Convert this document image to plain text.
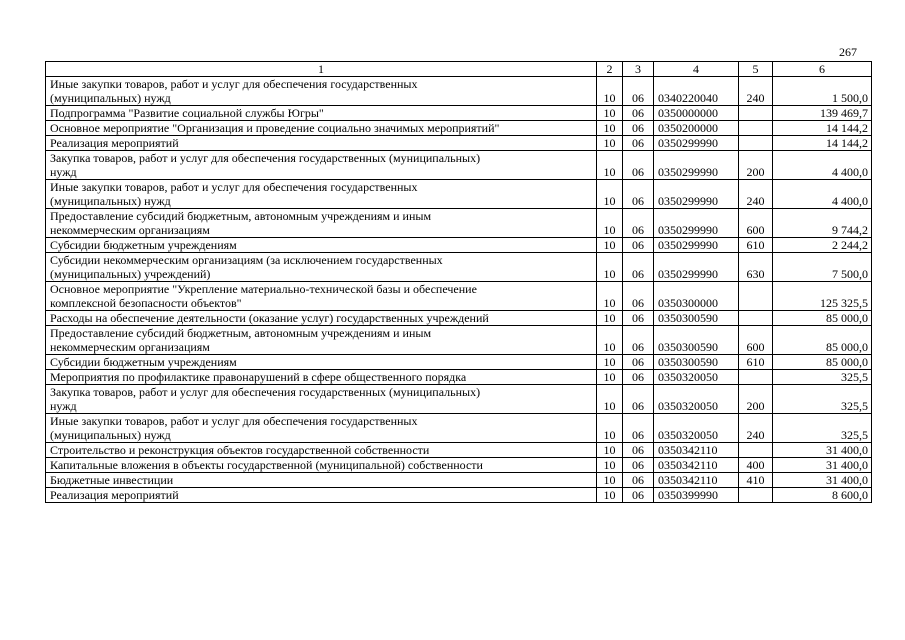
267
1	2	3	4	5	6
Иные закупки товаров, работ и услуг для обеспечения государственных
(муниципальных) нужд	10	06	0340220040	240	1 500,0
Подпрограмма "Развитие социальной службы Югры"	10	06	0350000000		139 469,7
Основное мероприятие "Организация и проведение социально значимых мероприятий"	10	06	0350200000		14 144,2
Реализация мероприятий	10	06	0350299990		14 144,2
Закупка товаров, работ и услуг для обеспечения государственных (муниципальных)
нужд	10	06	0350299990	200	4 400,0
Иные закупки товаров, работ и услуг для обеспечения государственных
(муниципальных) нужд	10	06	0350299990	240	4 400,0
Предоставление субсидий бюджетным, автономным учреждениям и иным
некоммерческим организациям	10	06	0350299990	600	9 744,2
Субсидии бюджетным учреждениям	10	06	0350299990	610	2 244,2
Субсидии некоммерческим организациям (за исключением государственных
(муниципальных) учреждений)	10	06	0350299990	630	7 500,0
Основное мероприятие "Укрепление материально-технической базы и обеспечение
комплексной безопасности объектов"	10	06	0350300000		125 325,5
Расходы на обеспечение деятельности (оказание услуг) государственных учреждений	10	06	0350300590		85 000,0
Предоставление субсидий бюджетным, автономным учреждениям и иным
некоммерческим организациям	10	06	0350300590	600	85 000,0
Субсидии бюджетным учреждениям	10	06	0350300590	610	85 000,0
Мероприятия по профилактике правонарушений в сфере общественного порядка	10	06	0350320050		325,5
Закупка товаров, работ и услуг для обеспечения государственных (муниципальных)
нужд	10	06	0350320050	200	325,5
Иные закупки товаров, работ и услуг для обеспечения государственных
(муниципальных) нужд	10	06	0350320050	240	325,5
Строительство и реконструкция объектов государственной собственности	10	06	0350342110		31 400,0
Капитальные вложения в объекты государственной (муниципальной) собственности	10	06	0350342110	400	31 400,0
Бюджетные инвестиции	10	06	0350342110	410	31 400,0
Реализация мероприятий	10	06	0350399990		8 600,0
